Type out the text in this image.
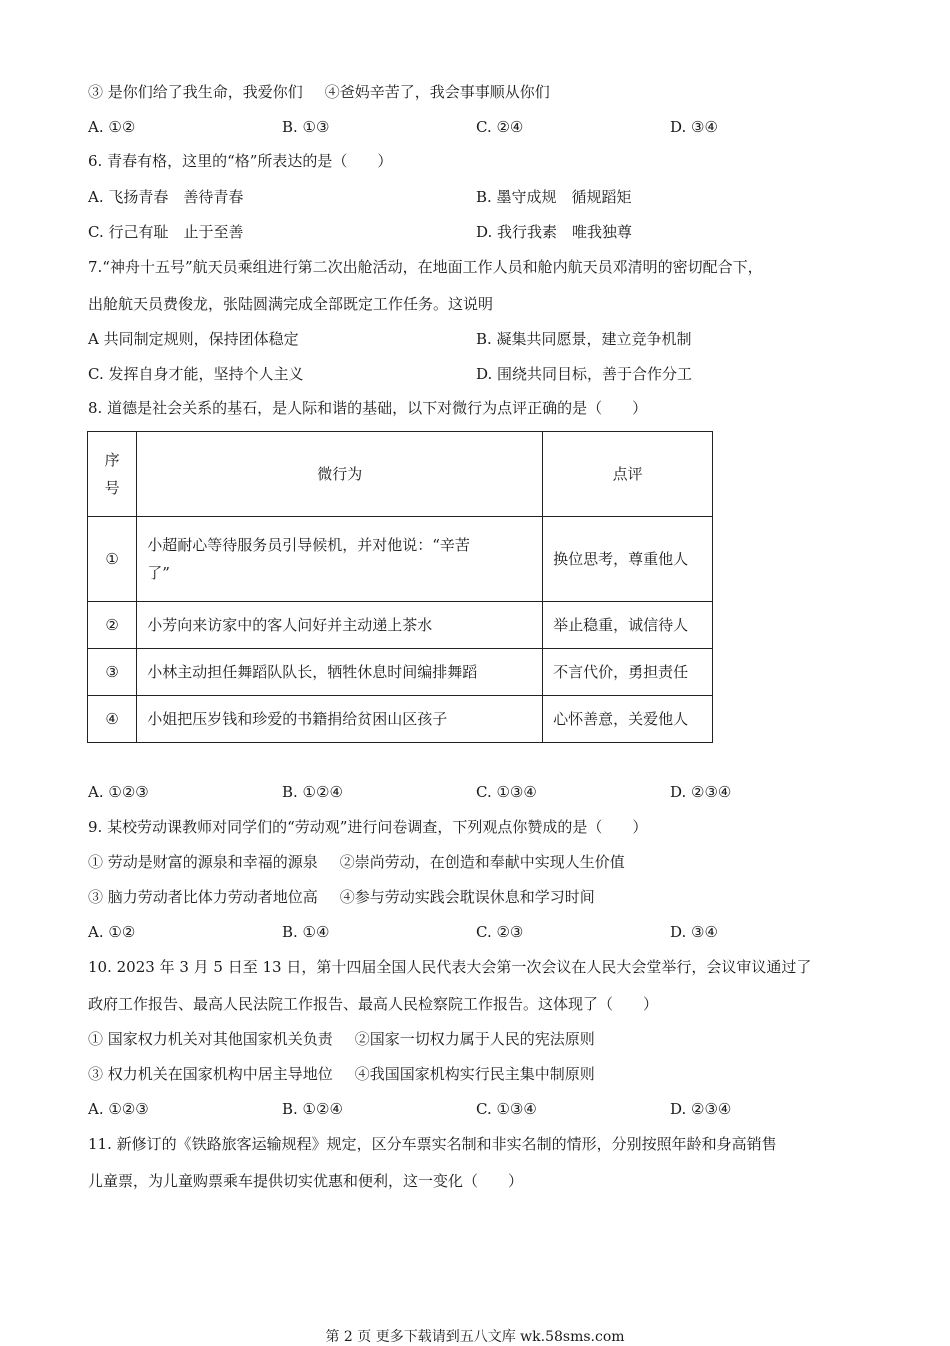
③ 是你们给了我生命，我爱你们 ④爸妈辛苦了，我会事事顺从你们
A. ①②	B. ①③	C. ②④	D. ③④
6. 青春有格，这里的“格”所表达的是（　　）
A. 飞扬青春　善待青春	B. 墨守成规　循规蹈矩
C. 行己有耻　止于至善	D. 我行我素　唯我独尊
7.“神舟十五号”航天员乘组进行第二次出舱活动，在地面工作人员和舱内航天员邓清明的密切配合下，
出舱航天员费俊龙，张陆圆满完成全部既定工作任务。这说明
A 共同制定规则，保持团体稳定	B. 凝集共同愿景，建立竞争机制
C. 发挥自身才能，坚持个人主义	D. 围绕共同目标，善于合作分工
8. 道德是社会关系的基石，是人际和谐的基础，以下对微行为点评正确的是（　　）
序
号	微行为	点评
①	小超耐心等待服务员引导候机，并对他说：“辛苦
了”	换位思考，尊重他人
②	小芳向来访家中的客人问好并主动递上茶水	举止稳重，诚信待人
③	小林主动担任舞蹈队队长，牺牲休息时间编排舞蹈	不言代价，勇担责任
④	小姐把压岁钱和珍爱的书籍捐给贫困山区孩子	心怀善意，关爱他人
A. ①②③	B. ①②④	C. ①③④	D. ②③④
9. 某校劳动课教师对同学们的“劳动观”进行问卷调查，下列观点你赞成的是（　　）
① 劳动是财富的源泉和幸福的源泉 ②崇尚劳动，在创造和奉献中实现人生价值
③ 脑力劳动者比体力劳动者地位高 ④参与劳动实践会耽误休息和学习时间
A. ①②	B. ①④	C. ②③	D. ③④
10. 2023 年 3 月 5 日至 13 日，第十四届全国人民代表大会第一次会议在人民大会堂举行，会议审议通过了
政府工作报告、最高人民法院工作报告、最高人民检察院工作报告。这体现了（　　）
① 国家权力机关对其他国家机关负责 ②国家一切权力属于人民的宪法原则
③ 权力机关在国家机构中居主导地位 ④我国国家机构实行民主集中制原则
A. ①②③	B. ①②④	C. ①③④	D. ②③④
11. 新修订的《铁路旅客运输规程》规定，区分车票实名制和非实名制的情形，分别按照年龄和身高销售
儿童票，为儿童购票乘车提供切实优惠和便利，这一变化（　　）
第 2 页 更多下载请到五八文库 wk.58sms.com
